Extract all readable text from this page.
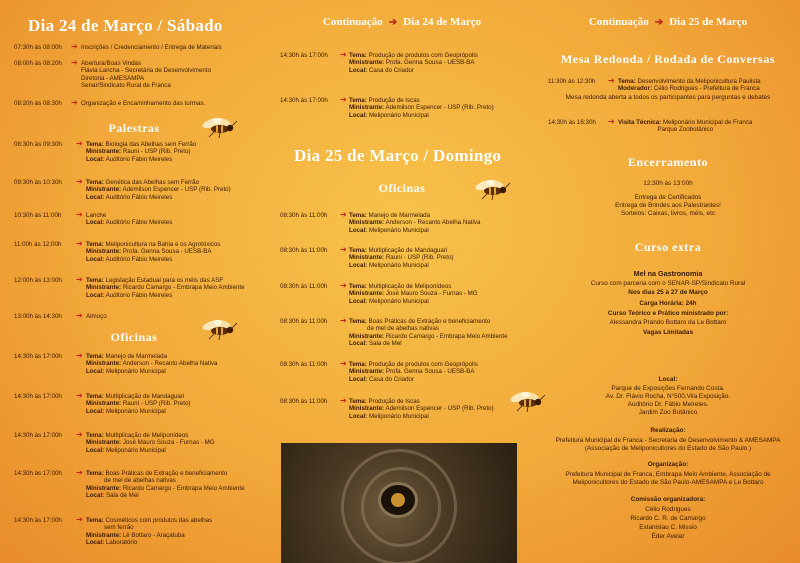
Dia 24 de Março / Sábado
07:30h às 08:00h ➔ Inscrições / Credenciamento / Entrega de Materiais
08:00h às 08:20h ➔ Abertura/Boas Vindas
Flávia Lancha - Secretária de Desenvolvimento
Diretoria - AMESAMPA
Senar/Sindicato Rural de Franca
08:20h às 08:30h ➔ Organização e Encaminhamento das turmas.
Palestras
08:30h às 09:30h ➔ Tema: Biologia das Abelhas sem Ferrão
Ministrante: Rauni - USP (Rib. Preto)
Local: Auditório Fábio Meireles
09:30h às 10:30h ➔ Tema: Genética das Abelhas sem Ferrão
Ministrante: Ademilson Espencer - USP (Rib. Preto)
Local: Auditório Fábio Meireles
10:30h às 11:00h ➔ Lanche
Local: Auditório Fábio Meireles
11:00h às 12:00h ➔ Tema: Meliponicultura na Bahia e os Agrotóxicos
Ministrante: Profa. Genna Sousa - UESB-BA
Local: Auditório Fábio Meireles
12:00h às 13:00h ➔ Tema: Legislação Estadual para os méis das ASF
Ministrante: Ricardo Camargo - Embrapa Meio Ambiente
Local: Auditório Fábio Meireles
13:00h às 14:30h ➔ Almoço
Oficinas
14:30h às 17:00h ➔ Tema: Manejo de Marmelada
Ministrante: Anderson - Recanto Abelha Nativa
Local: Meliponário Municipal
14:30h às 17:00h ➔ Tema: Multiplicação de Mandaguari
Ministrante: Rauni - USP (Rib. Preto)
Local: Meliponário Municipal
14:30h às 17:00h ➔ Tema: Multiplicação de Meliponídeos
Ministrante: José Mauro Souza - Furnas - MG
Local: Meliponário Municipal
14:30h às 17:00h ➔ Tema: Boas Práticas de Extração e beneficiamento
de mel de abelhas nativas
Ministrante: Ricardo Camargo - Embrapa Meio Ambiente
Local: Sala de Mel
14:30h às 17:00h ➔ Tema: Cosméticos com produtos das abelhas
sem ferrão
Ministrante: Lê Bottaro - Araçatuba
Local: Laboratório
Continuação ➔ Dia 24 de Março
14:30h às 17:00h ➔ Tema: Produção de produtos com Geoprópolis
Ministrante: Profa. Genna Sousa - UESB-BA
Local: Casa do Criador
14:30h às 17:00h ➔ Tema: Produção de Iscas
Ministrante: Ademilson Espencer - USP (Rib. Preto)
Local: Meliponário Municipal
Dia 25 de Março / Domingo
Oficinas
08:30h às 11:00h ➔ Tema: Manejo de Marmelada
Ministrante: Anderson - Recanto Abelha Nativa
Local: Meliponário Municipal
08:30h às 11:00h ➔ Tema: Multiplicação de Mandaguari
Ministrante: Rauni - USP (Rib. Preto)
Local: Meliponário Municipal
08:30h às 11:00h ➔ Tema: Multiplicação de Meliponídeos
Ministrante: José Mauro Souza - Furnas - MG
Local: Meliponário Municipal
08:30h às 11:00h ➔ Tema: Boas Práticas de Extração e beneficiamento
de mel de abelhas nativas
Ministrante: Ricardo Camargo - Embrapa Meio Ambiente
Local: Sala de Mel
08:30h às 11:00h ➔ Tema: Produção de produtos com Geoprópolis
Ministrante: Profa. Genna Sousa - UESB-BA
Local: Casa do Criador
08:30h às 11:00h ➔ Tema: Produção de Iscas
Ministrante: Ademilson Espencer - USP (Rib. Preto)
Local: Meliponário Municipal
Continuação ➔ Dia 25 de Março
Mesa Redonda / Rodada de Conversas
11:30h às 12:30h ➔ Tema: Desenvolvimento da Meliponicultura Paulista
Moderador: Célio Rodrigues - Prefeitura de Franca
Mesa redonda aberta a todos os participantes para perguntas e debates
14:30h às 16:30h ➔ Visita Técnica: Meliponário Municipal de Franca
Parque Zoobotânico
Encerramento
12:30h às 13:00h
Entrega de Certificados
Entrega de Brindes aos Palestrantes!
Sorteios: Caixas, livros, méis, etc
Curso extra
Mel na Gastronomia
Curso com parceria com o SENAR-SP/Sindicato Rural
Nos dias 25 à 27 de Março
Carga Horária: 24h
Curso Teórico e Prático ministrado por:
Alessandra Prando Bottaro da Le Bottaro
Vagas Limitadas
Local:
Parque de Exposições Fernando Costa.
Av. Dr. Flávio Rocha, N°500,Vila Exposição.
Auditório Dr. Fábio Meireles.
Jardim Zoo Botânico
Realização:
Prefeitura Municipal de Franca - Secretaria de Desenvolvimento & AMESAMPA
(Associação de Meliponicultores do Estado de São Paulo )
Organização:
Prefeitura Municipal de Franca, Embrapa Meio Ambiente, Associação de
Meliponicultores do Estado de São Paulo-AMESAMPA e Le Bottaro
Comissão organizadora:
Célio Rodrigues
Ricardo C. R. de Camargo
Estanislau C. Missio
Éder Avelar
